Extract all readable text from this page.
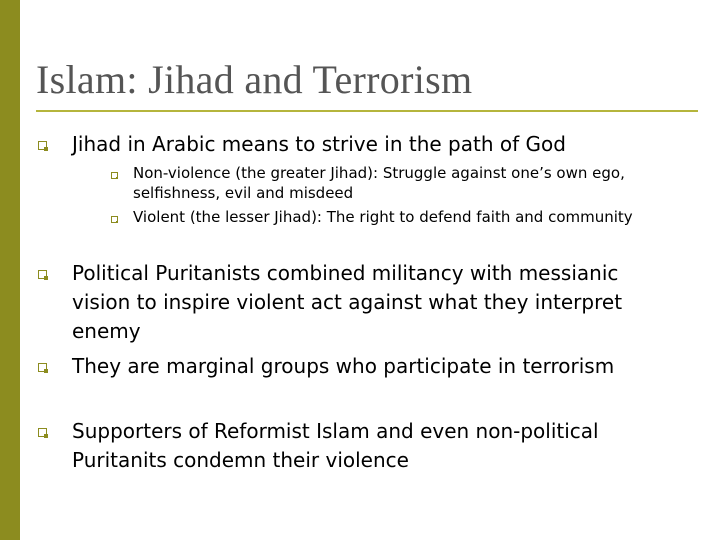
Islam: Jihad and Terrorism
Jihad in Arabic means to strive in the path of God
Non-violence (the greater Jihad): Struggle against one’s own ego, selfishness, evil and misdeed
Violent (the lesser Jihad): The right to defend faith and community
Political Puritanists combined militancy with messianic vision to inspire violent act against what they interpret enemy
They are marginal groups who participate in terrorism
Supporters of Reformist Islam and even non-political Puritanits condemn their violence
